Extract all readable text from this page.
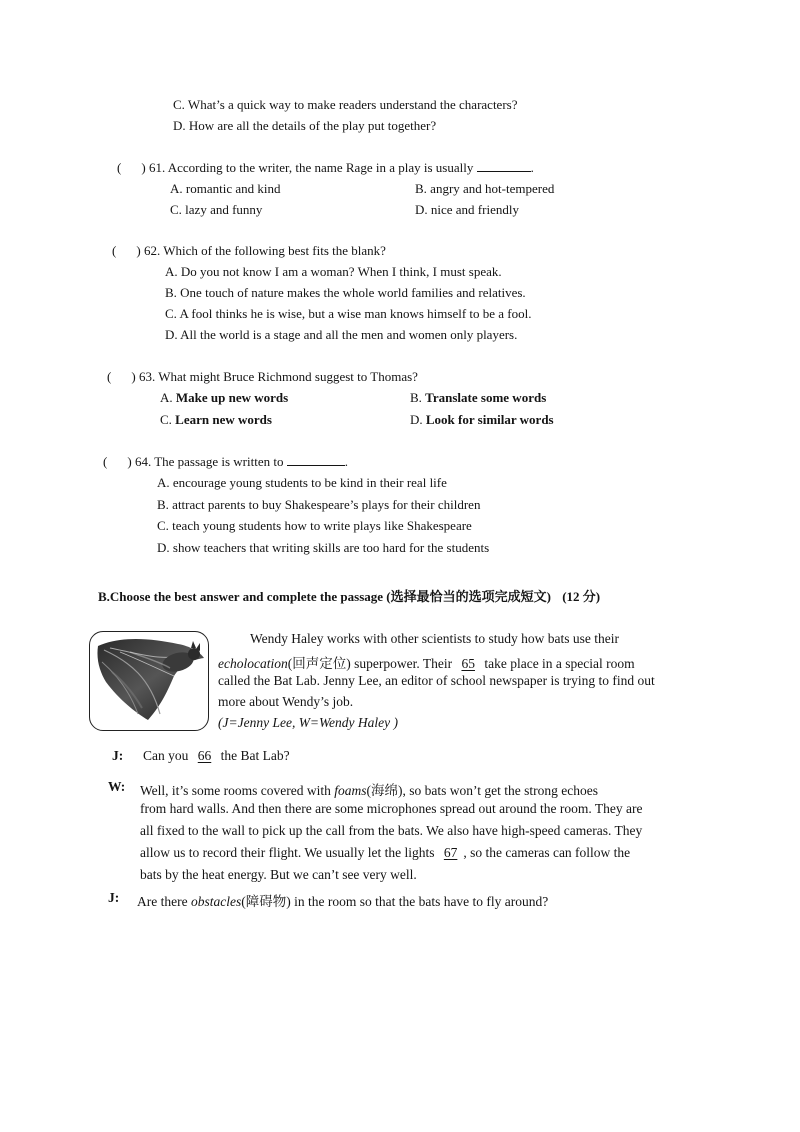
C. What’s a quick way to make readers understand the characters?
D. How are all the details of the play put together?
( ) 61. According to the writer, the name Rage in a play is usually	.
A. romantic and kind	B. angry and hot-tempered
C. lazy and funny	D. nice and friendly
( ) 62. Which of the following best fits the blank?
A. Do you not know I am a woman? When I think, I must speak.
B. One touch of nature makes the whole world families and relatives.
C. A fool thinks he is wise, but a wise man knows himself to be a fool.
D. All the world is a stage and all the men and women only players.
( ) 63. What might Bruce Richmond suggest to Thomas?
A. Make up new words	B. Translate some words
C. Learn new words	D. Look for similar words
( ) 64. The passage is written to	.
A. encourage young students to be kind in their real life
B. attract parents to buy Shakespeare’s plays for their children
C. teach young students how to write plays like Shakespeare
D. show teachers that writing skills are too hard for the students
B.Choose the best answer and complete the passage (选择最恰当的选项完成短文) (12 分)
Wendy Haley works with other scientists to study how bats use their
echolocation(回声定位) superpower. Their 65 take place in a special room
called the Bat Lab. Jenny Lee, an editor of school newspaper is trying to find out
more about Wendy’s job.
(J=Jenny Lee, W=Wendy Haley )
J: Can you 66 the Bat Lab?
W: Well, it’s some rooms covered with foams(海绵), so bats won’t get the strong echoes
from hard walls. And then there are some microphones spread out around the room. They are
all fixed to the wall to pick up the call from the bats. We also have high-speed cameras. They
allow us to record their flight. We usually let the lights 67 , so the cameras can follow the
bats by the heat energy. But we can’t see very well.
J: Are there obstacles(障碍物) in the room so that the bats have to fly around?
